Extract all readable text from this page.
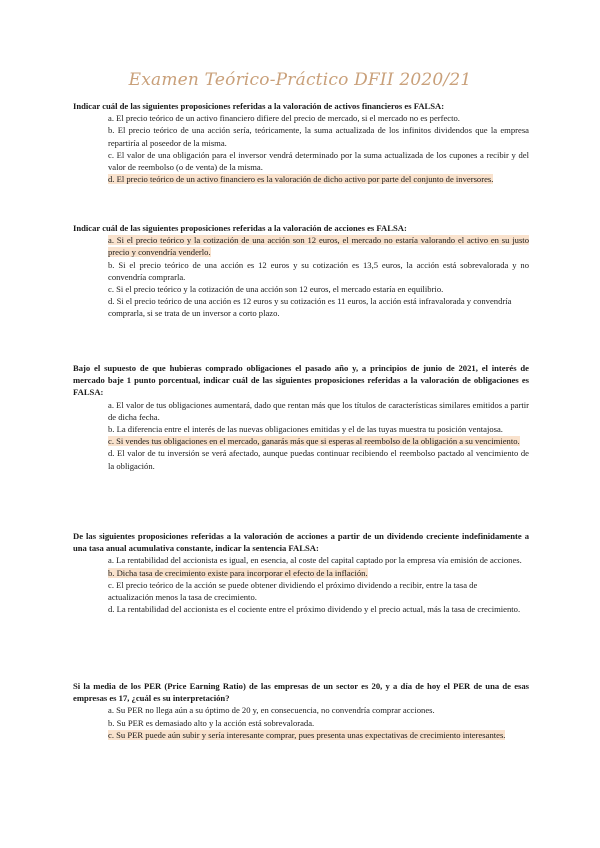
Examen Teórico-Práctico DFII 2020/21
Indicar cuál de las siguientes proposiciones referidas a la valoración de activos financieros es FALSA:
a. El precio teórico de un activo financiero difiere del precio de mercado, si el mercado no es perfecto.
b. El precio teórico de una acción sería, teóricamente, la suma actualizada de los infinitos dividendos que la empresa repartiría al poseedor de la misma.
c. El valor de una obligación para el inversor vendrá determinado por la suma actualizada de los cupones a recibir y del valor de reembolso (o de venta) de la misma.
d. El precio teórico de un activo financiero es la valoración de dicho activo por parte del conjunto de inversores.
Indicar cuál de las siguientes proposiciones referidas a la valoración de acciones es FALSA:
a. Si el precio teórico y la cotización de una acción son 12 euros, el mercado no estaría valorando el activo en su justo precio y convendría venderlo.
b. Si el precio teórico de una acción es 12 euros y su cotización es 13,5 euros, la acción está sobrevalorada y no convendría comprarla.
c. Si el precio teórico y la cotización de una acción son 12 euros, el mercado estaría en equilibrio.
d. Si el precio teórico de una acción es 12 euros y su cotización es 11 euros, la acción está infravalorada y convendría
comprarla, si se trata de un inversor a corto plazo.
Bajo el supuesto de que hubieras comprado obligaciones el pasado año y, a principios de junio de 2021, el interés de mercado baje 1 punto porcentual, indicar cuál de las siguientes proposiciones referidas a la valoración de obligaciones es FALSA:
a. El valor de tus obligaciones aumentará, dado que rentan más que los títulos de características similares emitidos a partir de dicha fecha.
b. La diferencia entre el interés de las nuevas obligaciones emitidas y el de las tuyas muestra tu posición ventajosa.
c. Si vendes tus obligaciones en el mercado, ganarás más que si esperas al reembolso de la obligación a su vencimiento.
d. El valor de tu inversión se verá afectado, aunque puedas continuar recibiendo el reembolso pactado al vencimiento de la obligación.
De las siguientes proposiciones referidas a la valoración de acciones a partir de un dividendo creciente indefinidamente a una tasa anual acumulativa constante, indicar la sentencia FALSA:
a. La rentabilidad del accionista es igual, en esencia, al coste del capital captado por la empresa vía emisión de acciones.
b. Dicha tasa de crecimiento existe para incorporar el efecto de la inflación.
c. El precio teórico de la acción se puede obtener dividiendo el próximo dividendo a recibir, entre la tasa de
actualización menos la tasa de crecimiento.
d. La rentabilidad del accionista es el cociente entre el próximo dividendo y el precio actual, más la tasa de crecimiento.
Si la media de los PER (Price Earning Ratio) de las empresas de un sector es 20, y a día de hoy el PER de una de esas empresas es 17, ¿cuál es su interpretación?
a. Su PER no llega aún a su óptimo de 20 y, en consecuencia, no convendría comprar acciones.
b. Su PER es demasiado alto y la acción está sobrevalorada.
c. Su PER puede aún subir y sería interesante comprar, pues presenta unas expectativas de crecimiento interesantes.
